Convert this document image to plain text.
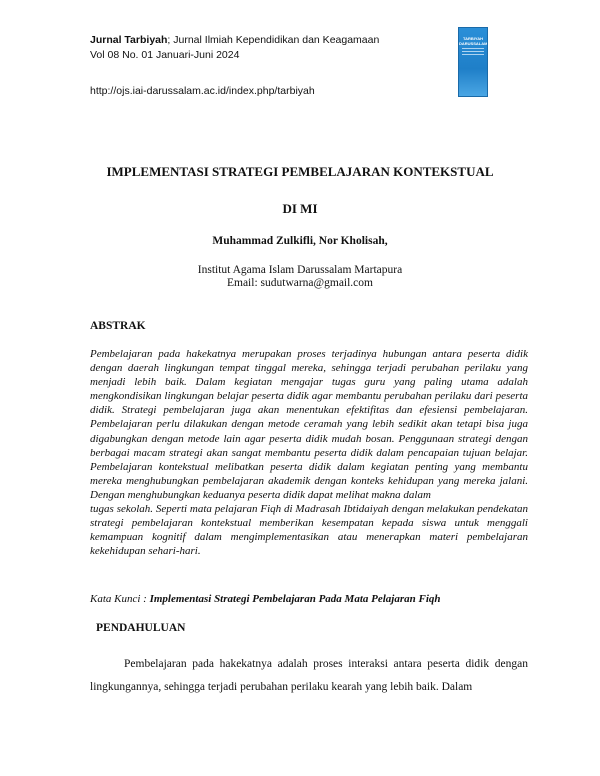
Jurnal Tarbiyah; Jurnal Ilmiah Kependidikan dan Keagamaan
Vol 08 No. 01 Januari-Juni 2024
TARBIYAH DARUSSALAM
http://ojs.iai-darussalam.ac.id/index.php/tarbiyah
IMPLEMENTASI STRATEGI PEMBELAJARAN KONTEKSTUAL
DI MI
Muhammad Zulkifli, Nor Kholisah,
Institut Agama Islam Darussalam Martapura
Email: sudutwarna@gmail.com
ABSTRAK

Pembelajaran pada hakekatnya merupakan proses terjadinya hubungan antara peserta didik dengan daerah lingkungan tempat tinggal mereka, sehingga terjadi perubahan perilaku yang menjadi lebih baik. Dalam kegiatan mengajar tugas guru yang paling utama adalah mengkondisikan lingkungan belajar peserta didik agar membantu perubahan perilaku dari peserta didik. Strategi pembelajaran juga akan menentukan efektifitas dan efesiensi pembelajaran. Pembelajaran perlu dilakukan dengan metode ceramah yang lebih sedikit akan tetapi bisa juga digabungkan dengan metode lain agar peserta didik mudah bosan. Penggunaan strategi dengan berbagai macam strategi akan sangat membantu peserta didik dalam pencapaian tujuan belajar. Pembelajaran kontekstual melibatkan peserta didik dalam kegiatan penting yang membantu mereka menghubungkan pembelajaran akademik dengan konteks kehidupan yang mereka jalani. Dengan menghubungkan keduanya peserta didik dapat melihat makna dalam

tugas sekolah. Seperti mata pelajaran Fiqh di Madrasah Ibtidaiyah dengan melakukan pendekatan strategi pembelajaran kontekstual memberikan kesempatan kepada siswa untuk menggali kemampuan kognitif dalam mengimplementasikan atau menerapkan materi pembelajaran kekehidupan sehari-hari.

Kata Kunci : Implementasi Strategi Pembelajaran Pada Mata Pelajaran Fiqh
PENDAHULUAN

Pembelajaran pada hakekatnya adalah proses interaksi antara peserta didik dengan lingkungannya, sehingga terjadi perubahan perilaku kearah yang lebih baik. Dalam
